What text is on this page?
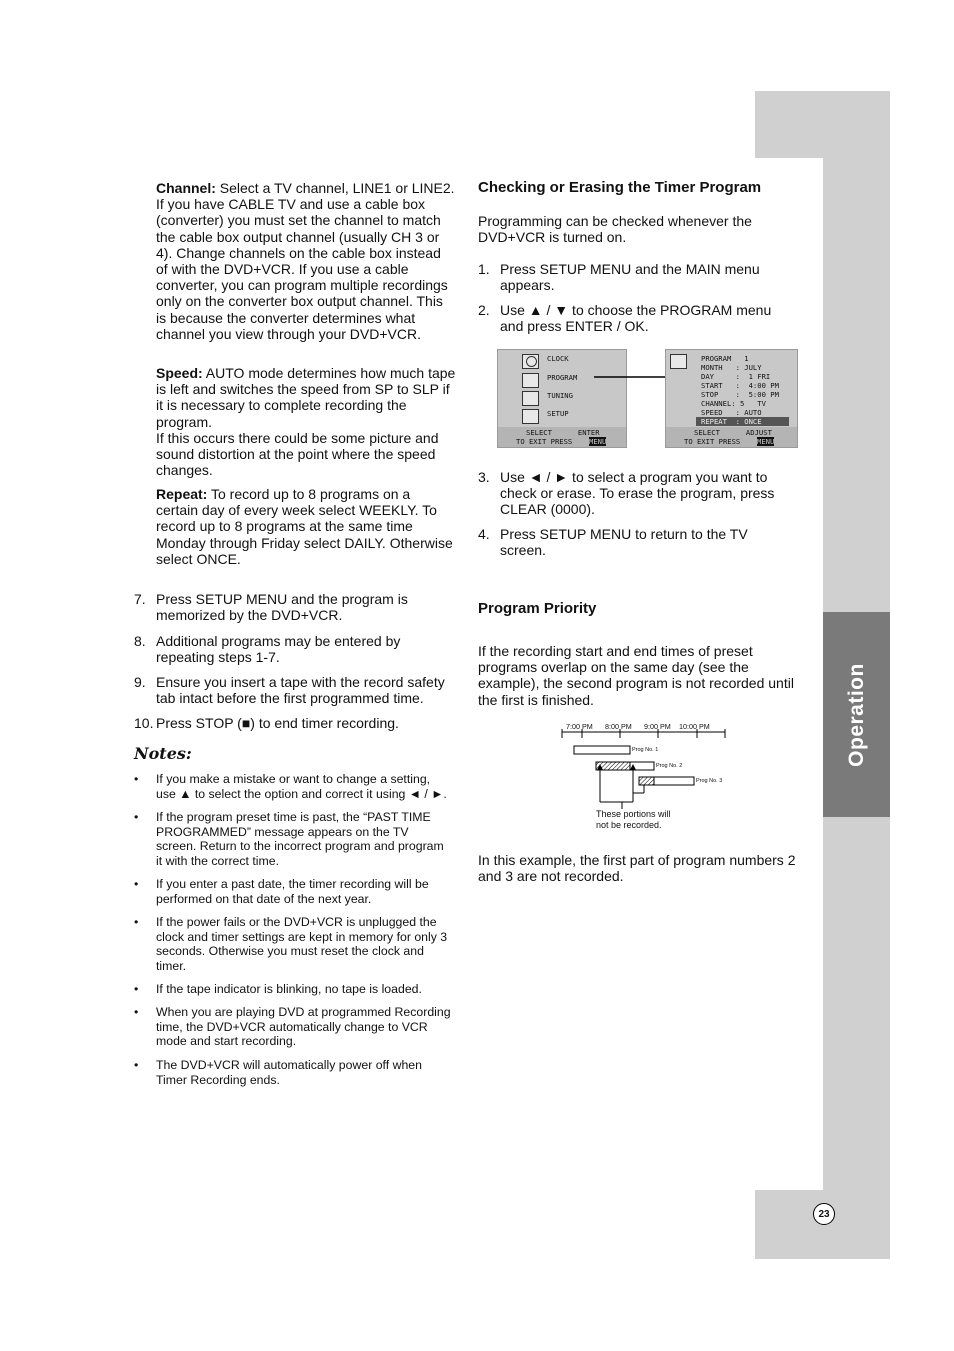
Operation
23
Channel: Select a TV channel, LINE1 or LINE2. If you have CABLE TV and use a cable box (converter) you must set the channel to match the cable box output channel (usually CH 3 or 4). Change channels on the cable box instead of with the DVD+VCR. If you use a cable converter, you can program multiple recordings only on the converter box output channel. This is because the converter determines what channel you view through your DVD+VCR.
Speed: AUTO mode determines how much tape is left and switches the speed from SP to SLP if it is necessary to complete recording the program.

If this occurs there could be some picture and sound distortion at the point where the speed changes.

Repeat: To record up to 8 programs on a certain day of every week select WEEKLY. To record up to 8 programs at the same time Monday through Friday select DAILY. Otherwise select ONCE.
7. Press SETUP MENU and the program is memorized by the DVD+VCR.

8. Additional programs may be entered by repeating steps 1-7.

9. Ensure you insert a tape with the record safety tab intact before the first programmed time.

10. Press STOP (■) to end timer recording.

Notes:
• If you make a mistake or want to change a setting, use ▲ to select the option and correct it using ◄ / ►.

• If the program preset time is past, the “PAST TIME PROGRAMMED” message appears on the TV screen. Return to the incorrect program and program it with the correct time.

• If you enter a past date, the timer recording will be performed on that date of the next year.

• If the power fails or the DVD+VCR is unplugged the clock and timer settings are kept in memory for only 3 seconds. Otherwise you must reset the clock and timer.

• If the tape indicator is blinking, no tape is loaded.

• When you are playing DVD at programmed Recording time, the DVD+VCR automatically change to VCR mode and start recording.

• The DVD+VCR will automatically power off when Timer Recording ends.

Checking or Erasing the Timer Program

Programming can be checked whenever the DVD+VCR is turned on.

1. Press SETUP MENU and the MAIN menu appears.

2. Use ▲ / ▼ to choose the PROGRAM menu and press ENTER / OK.

CLOCK
PROGRAM
TUNING
SETUP
SELECT      ENTER
TO EXIT PRESS MENU
PROGRAM   1
MONTH   : JULY
DAY     :  1 FRI
START   :  4:00 PM
STOP    :  5:00 PM
CHANNEL: 5   TV
SPEED   : AUTO
REPEAT  : ONCE
SELECT      ADJUST
TO EXIT PRESS MENU
3. Use ◄ / ► to select a program you want to check or erase. To erase the program, press CLEAR (0000).

4. Press SETUP MENU to return to the TV screen.

Program Priority

If the recording start and end times of preset programs overlap on the same day (see the example), the second program is not recorded until the first is finished.

7:00 PM 8:00 PM 9:00 PM 10:00 PM
Prog No. 1
Prog No. 2
Prog No. 3
These portions will
not be recorded.

In this example, the first part of program numbers 2 and 3 are not recorded.
